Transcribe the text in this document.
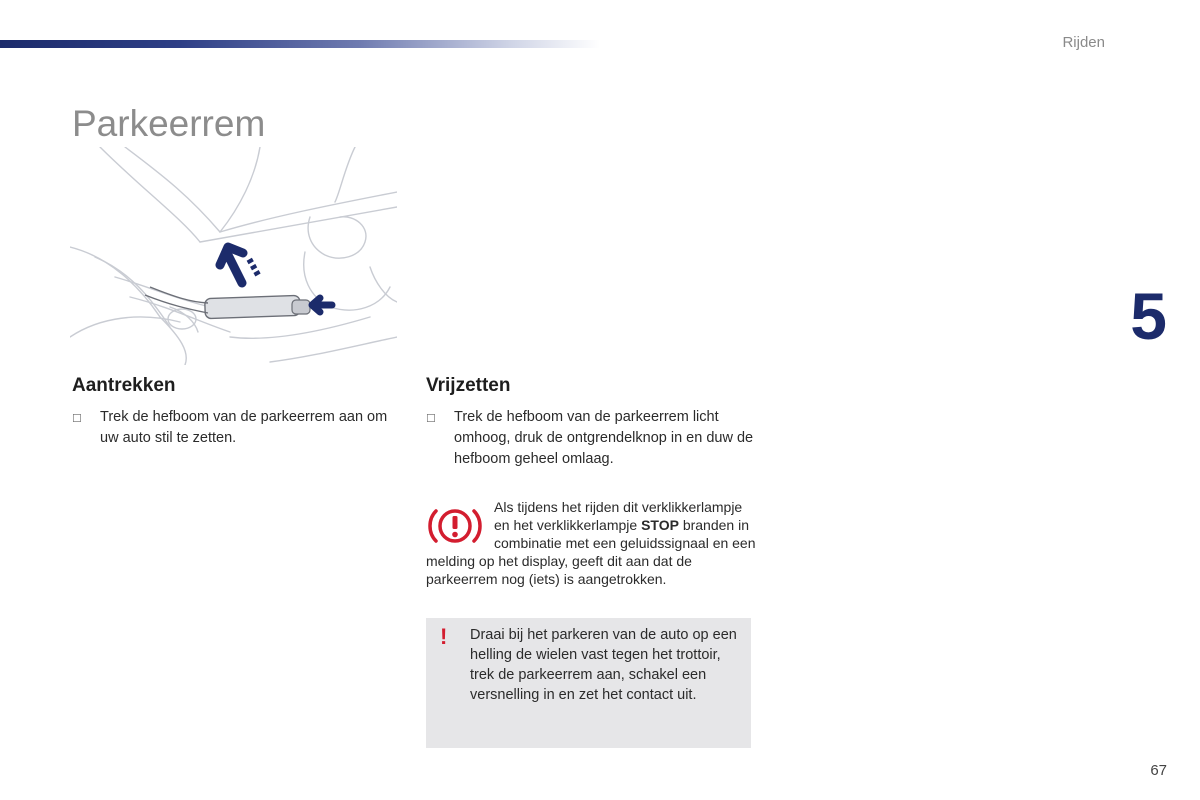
Rijden
Parkeerrem
5
Aantrekken
☐	Trek de hefboom van de parkeerrem aan om uw auto stil te zetten.
Vrijzetten
☐	Trek de hefboom van de parkeerrem licht omhoog, druk de ontgrendelknop in en duw de hefboom geheel omlaag.
Als tijdens het rijden dit verklikkerlampje en het verklikkerlampje STOP branden in combinatie met een geluidssignaal en een melding op het display, geeft dit aan dat de parkeerrem nog (iets) is aangetrokken.
! Draai bij het parkeren van de auto op een helling de wielen vast tegen het trottoir, trek de parkeerrem aan, schakel een versnelling in en zet het contact uit.
67
